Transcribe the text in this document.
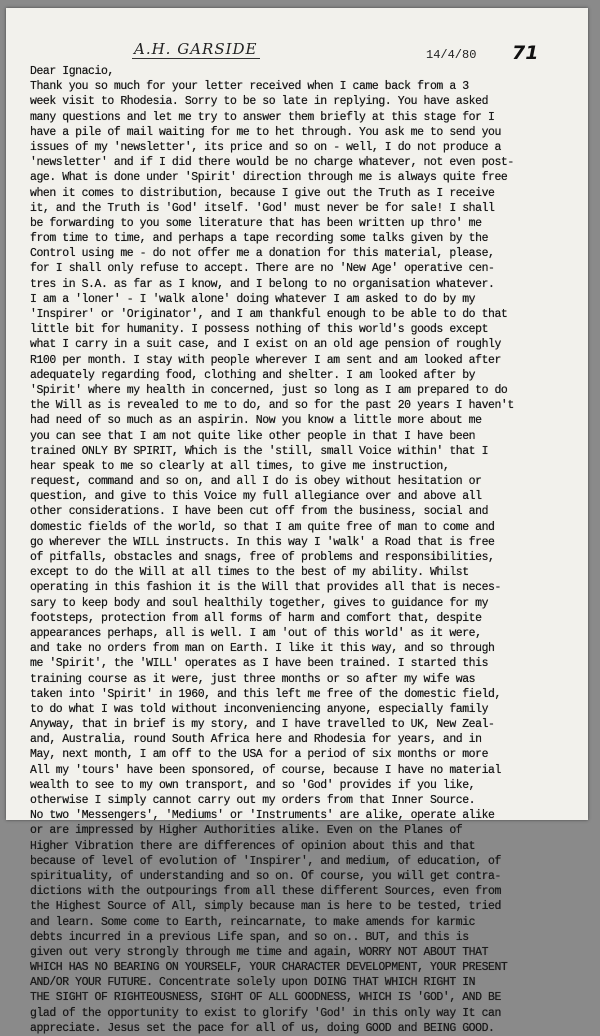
A.H. GARSIDE	14/4/80 71
Dear Ignacio,
Thank you so much for your letter received when I came back from a 3
week visit to Rhodesia. Sorry to be so late in replying. You have asked
many questions and let me try to answer them briefly at this stage for I
have a pile of mail waiting for me to het through. You ask me to send you
issues of my 'newsletter', its price and so on - well, I do not produce a
'newsletter' and if I did there would be no charge whatever, not even post-
age. What is done under 'Spirit' direction through me is always quite free
when it comes to distribution, because I give out the Truth as I receive
it, and the Truth is 'God' itself. 'God' must never be for sale! I shall
be forwarding to you some literature that has been written up thro' me
from time to time, and perhaps a tape recording some talks given by the
Control using me - do not offer me a donation for this material, please,
for I shall only refuse to accept. There are no 'New Age' operative cen-
tres in S.A. as far as I know, and I belong to no organisation whatever.
I am a 'loner' - I 'walk alone' doing whatever I am asked to do by my
'Inspirer' or 'Originator', and I am thankful enough to be able to do that
little bit for humanity. I possess nothing of this world's goods except
what I carry in a suit case, and I exist on an old age pension of roughly
R100 per month. I stay with people wherever I am sent and am looked after
adequately regarding food, clothing and shelter. I am looked after by
'Spirit' where my health in concerned, just so long as I am prepared to do
the Will as is revealed to me to do, and so for the past 20 years I haven't
had need of so much as an aspirin. Now you know a little more about me
you can see that I am not quite like other people in that I have been
trained ONLY BY SPIRIT, Which is the 'still, small Voice within' that I
hear speak to me so clearly at all times, to give me instruction,
request, command and so on, and all I do is obey without hesitation or
question, and give to this Voice my full allegiance over and above all
other considerations. I have been cut off from the business, social and
domestic fields of the world, so that I am quite free of man to come and
go wherever the WILL instructs. In this way I 'walk' a Road that is free
of pitfalls, obstacles and snags, free of problems and responsibilities,
except to do the Will at all times to the best of my ability. Whilst
operating in this fashion it is the Will that provides all that is neces-
sary to keep body and soul healthily together, gives to guidance for my
footsteps, protection from all forms of harm and comfort that, despite
appearances perhaps, all is well. I am 'out of this world' as it were,
and take no orders from man on Earth. I like it this way, and so through
me 'Spirit', the 'WILL' operates as I have been trained. I started this
training course as it were, just three months or so after my wife was
taken into 'Spirit' in 1960, and this left me free of the domestic field,
to do what I was told without inconveniencing anyone, especially family
Anyway, that in brief is my story, and I have travelled to UK, New Zeal-
and, Australia, round South Africa here and Rhodesia for years, and in
May, next month, I am off to the USA for a period of six months or more
All my 'tours' have been sponsored, of course, because I have no material
wealth to see to my own transport, and so 'God' provides if you like,
otherwise I simply cannot carry out my orders from that Inner Source.
No two 'Messengers', 'Mediums' or 'Instruments' are alike, operate alike
or are impressed by Higher Authorities alike. Even on the Planes of
Higher Vibration there are differences of opinion about this and that
because of level of evolution of 'Inspirer', and medium, of education, of
spirituality, of understanding and so on. Of course, you will get contra-
dictions with the outpourings from all these different Sources, even from
the Highest Source of All, simply because man is here to be tested, tried
and learn. Some come to Earth, reincarnate, to make amends for karmic
debts incurred in a previous Life span, and so on.. BUT, and this is
given out very strongly through me time and again, WORRY NOT ABOUT THAT
WHICH HAS NO BEARING ON YOURSELF, YOUR CHARACTER DEVELOPMENT, YOUR PRESENT
AND/OR YOUR FUTURE. Concentrate solely upon DOING THAT WHICH RIGHT IN
THE SIGHT OF RIGHTEOUSNESS, SIGHT OF ALL GOODNESS, WHICH IS 'GOD', AND BE
glad of the opportunity to exist to glorify 'God' in this only way It can
appreciate. Jesus set the pace for all of us, doing GOOD and BEING GOOD.
